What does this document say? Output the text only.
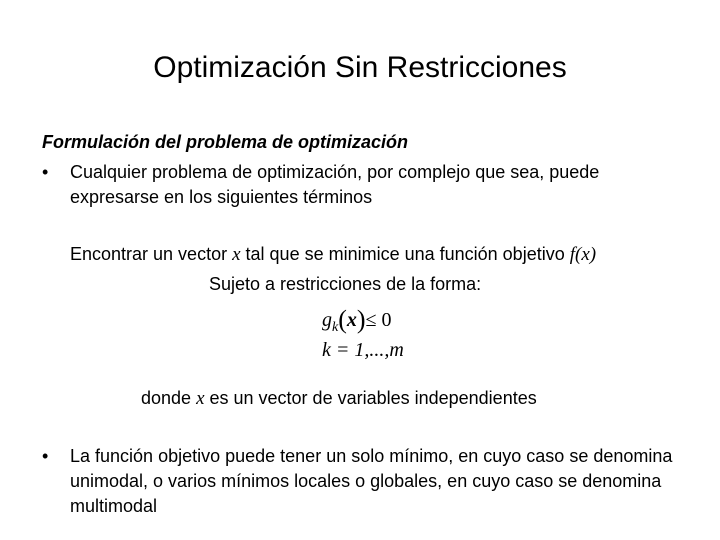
Optimización Sin Restricciones
Formulación del problema de optimización
•	Cualquier problema de optimización, por complejo que sea, puede expresarse en los siguientes términos
Encontrar un vector x tal que se minimice una función objetivo f(x)
Sujeto a restricciones de la forma:
$g_k(x)\le 0$
k = 1,...,m
donde x es un vector de variables independientes
•	La función objetivo puede tener un solo mínimo, en cuyo caso se denomina unimodal, o varios mínimos locales o globales, en cuyo caso se denomina multimodal
